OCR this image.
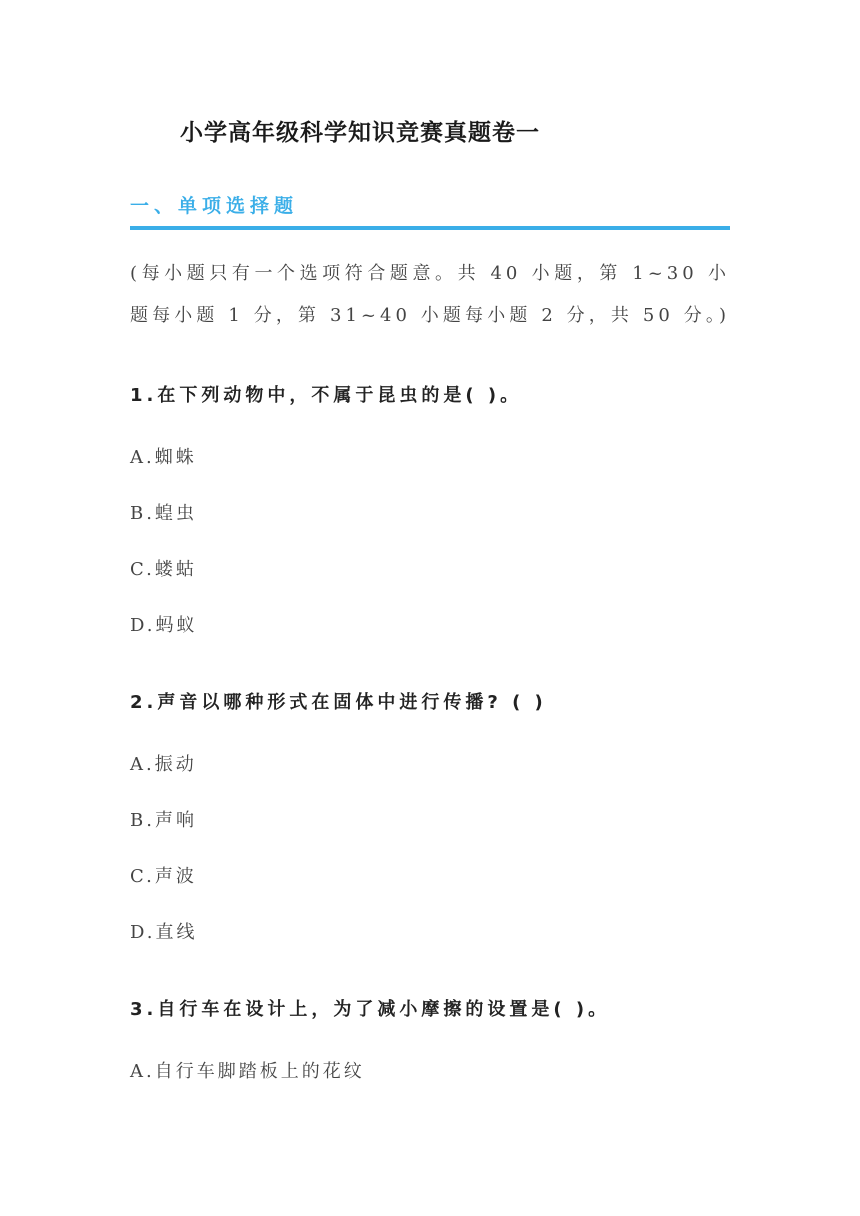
小学高年级科学知识竞赛真题卷一
一、单项选择题
(每小题只有一个选项符合题意。共 40 小题，第 1~30 小
题每小题 1 分，第 31~40 小题每小题 2 分，共 50 分。)
1.在下列动物中，不属于昆虫的是( )。
A.蜘蛛
B.蝗虫
C.蝼蛄
D.蚂蚁
2.声音以哪种形式在固体中进行传播? ( )
A.振动
B.声响
C.声波
D.直线
3.自行车在设计上，为了减小摩擦的设置是( )。
A.自行车脚踏板上的花纹
